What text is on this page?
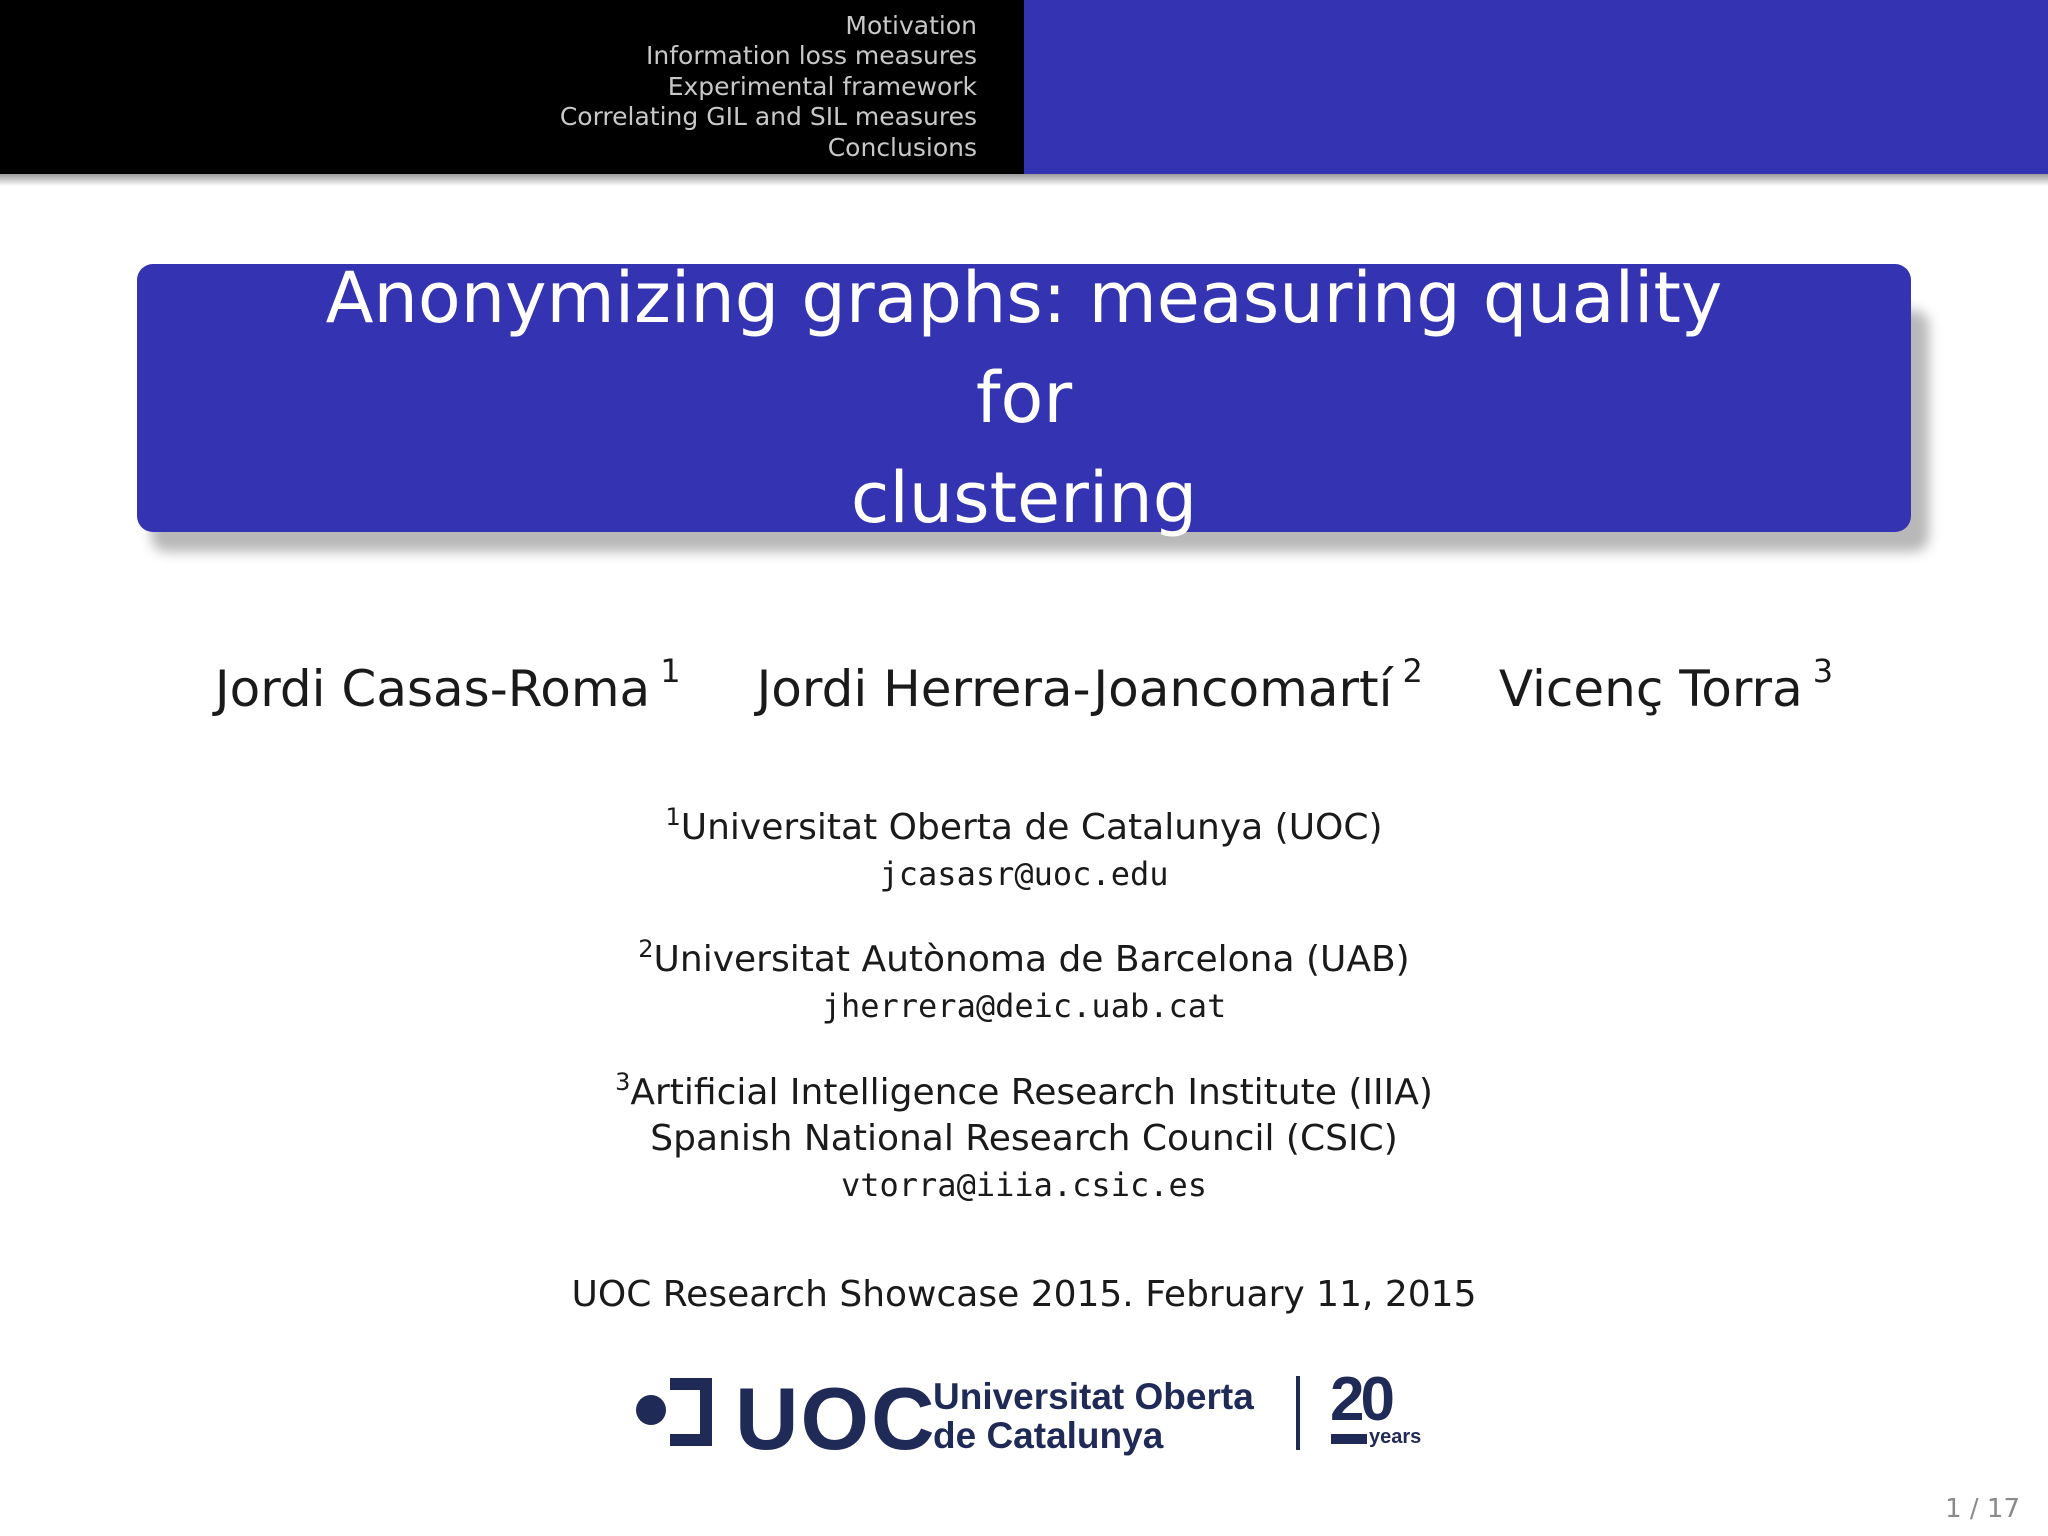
Motivation
Information loss measures
Experimental framework
Correlating GIL and SIL measures
Conclusions
Anonymizing graphs: measuring quality for
clustering
Jordi Casas-Roma $^1$ Jordi Herrera-Joancomartí $^2$ Vicenç Torra $^3$
$^1$Universitat Oberta de Catalunya (UOC)
jcasasr@uoc.edu
$^2$Universitat Autònoma de Barcelona (UAB)
jherrera@deic.uab.cat
$^3$Artificial Intelligence Research Institute (IIIA)
Spanish National Research Council (CSIC)
vtorra@iiia.csic.es
UOC Research Showcase 2015. February 11, 2015
UOC
Universitat Oberta
de Catalunya
20
years
1 / 17
